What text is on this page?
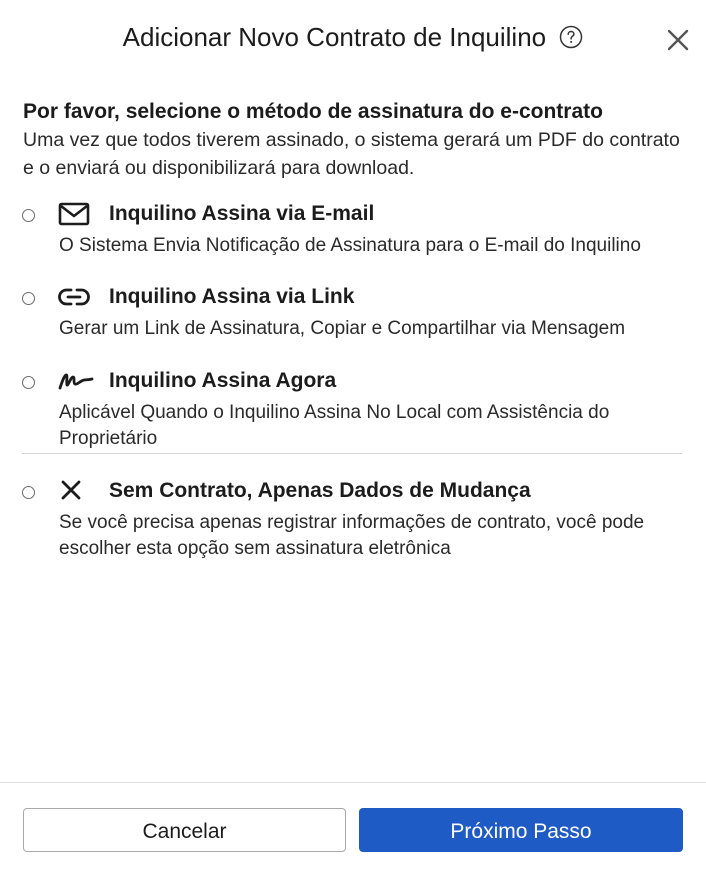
Adicionar Novo Contrato de Inquilino
Por favor, selecione o método de assinatura do e-contrato
Uma vez que todos tiverem assinado, o sistema gerará um PDF do contrato e o enviará ou disponibilizará para download.
Inquilino Assina via E-mail
O Sistema Envia Notificação de Assinatura para o E-mail do Inquilino
Inquilino Assina via Link
Gerar um Link de Assinatura, Copiar e Compartilhar via Mensagem
Inquilino Assina Agora
Aplicável Quando o Inquilino Assina No Local com Assistência do Proprietário
Sem Contrato, Apenas Dados de Mudança
Se você precisa apenas registrar informações de contrato, você pode escolher esta opção sem assinatura eletrônica
Cancelar	Próximo Passo
